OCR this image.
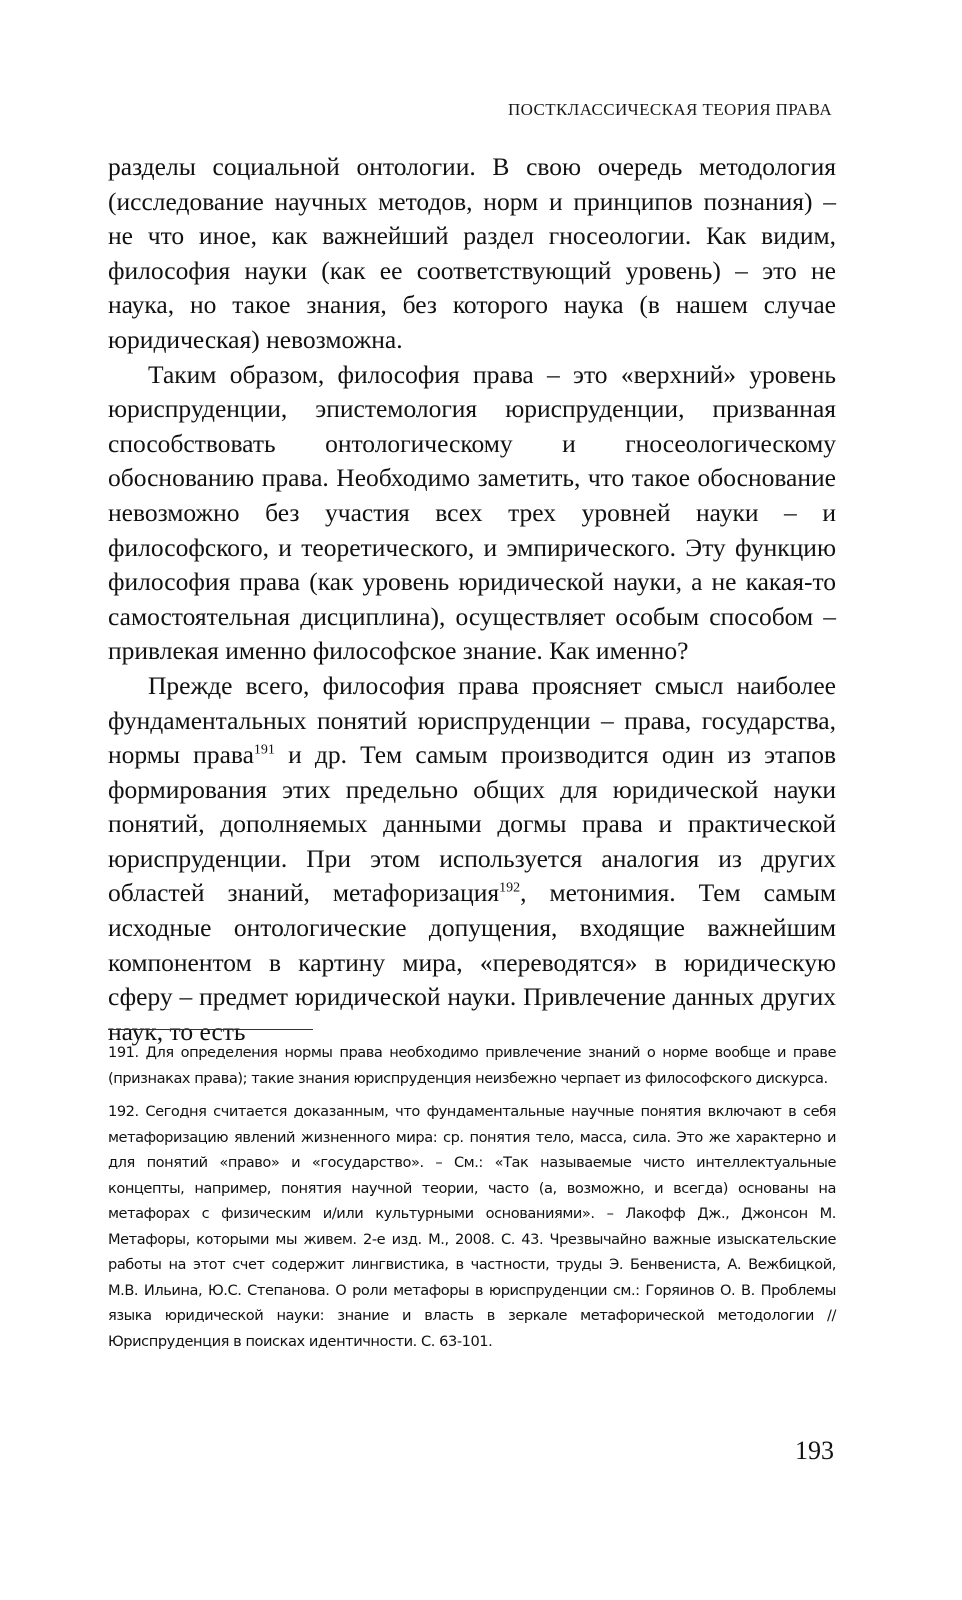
ПОСТКЛАССИЧЕСКАЯ ТЕОРИЯ ПРАВА

разделы социальной онтологии. В свою очередь методология (исследование научных методов, норм и принципов познания) – не что иное, как важнейший раздел гносеологии. Как видим, философия науки (как ее соответствующий уровень) – это не наука, но такое знания, без которого наука (в нашем случае юридическая) невозможна.

Таким образом, философия права – это «верхний» уровень юриспруденции, эпистемология юриспруденции, призванная способствовать онтологическому и гносеологическому обоснованию права. Необходимо заметить, что такое обоснование невозможно без участия всех трех уровней науки – и философского, и теоретического, и эмпирического. Эту функцию философия права (как уровень юридической науки, а не какая-то самостоятельная дисциплина), осуществляет особым способом – привлекая именно философское знание. Как именно?

Прежде всего, философия права проясняет смысл наиболее фундаментальных понятий юриспруденции – права, государства, нормы права$^{191}$ и др. Тем самым производится один из этапов формирования этих предельно общих для юридической науки понятий, дополняемых данными догмы права и практической юриспруденции. При этом используется аналогия из других областей знаний, метафоризация$^{192}$, метонимия. Тем самым исходные онтологические допущения, входящие важнейшим компонентом в картину мира, «переводятся» в юридическую сферу – предмет юридической науки. Привлечение данных других наук, то есть

191. Для определения нормы права необходимо привлечение знаний о норме вообще и праве (признаках права); такие знания юриспруденция неизбежно черпает из философского дискурса.

192. Сегодня считается доказанным, что фундаментальные научные понятия включают в себя метафоризацию явлений жизненного мира: ср. понятия тело, масса, сила. Это же характерно и для понятий «право» и «государство». – См.: «Так называемые чисто интеллектуальные концепты, например, понятия научной теории, часто (а, возможно, и всегда) основаны на метафорах с физическим и/или культурными основаниями». – Лакофф Дж., Джонсон М. Метафоры, которыми мы живем. 2-е изд. М., 2008. С. 43. Чрезвычайно важные изыскательские работы на этот счет содержит лингвистика, в частности, труды Э. Бенвениста, А. Вежбицкой, М.В. Ильина, Ю.С. Степанова. О роли метафоры в юриспруденции см.: Горяинов О. В. Проблемы языка юридической науки: знание и власть в зеркале метафорической методологии // Юриспруденция в поисках идентичности. С. 63-101.

193
